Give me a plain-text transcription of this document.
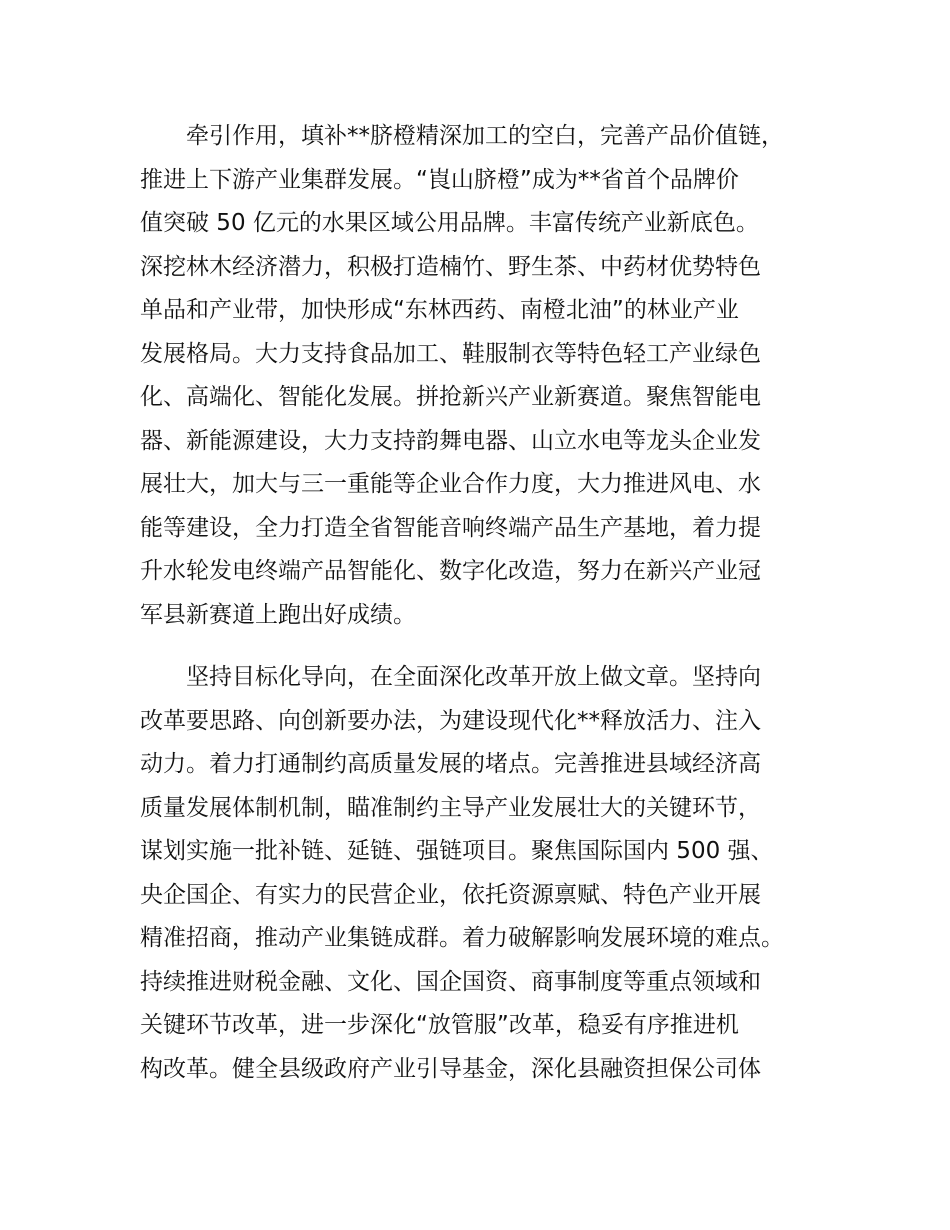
　　牵引作用，填补**脐橙精深加工的空白，完善产品价值链，
推进上下游产业集群发展。“崀山脐橙”成为**省首个品牌价
值突破 50 亿元的水果区域公用品牌。丰富传统产业新底色。
深挖林木经济潜力，积极打造楠竹、野生茶、中药材优势特色
单品和产业带，加快形成“东林西药、南橙北油”的林业产业
发展格局。大力支持食品加工、鞋服制衣等特色轻工产业绿色
化、高端化、智能化发展。拼抢新兴产业新赛道。聚焦智能电
器、新能源建设，大力支持韵舞电器、山立水电等龙头企业发
展壮大，加大与三一重能等企业合作力度，大力推进风电、水
能等建设，全力打造全省智能音响终端产品生产基地，着力提
升水轮发电终端产品智能化、数字化改造，努力在新兴产业冠
军县新赛道上跑出好成绩。
　　坚持目标化导向，在全面深化改革开放上做文章。坚持向
改革要思路、向创新要办法，为建设现代化**释放活力、注入
动力。着力打通制约高质量发展的堵点。完善推进县域经济高
质量发展体制机制，瞄准制约主导产业发展壮大的关键环节，
谋划实施一批补链、延链、强链项目。聚焦国际国内 500 强、
央企国企、有实力的民营企业，依托资源禀赋、特色产业开展
精准招商，推动产业集链成群。着力破解影响发展环境的难点。
持续推进财税金融、文化、国企国资、商事制度等重点领域和
关键环节改革，进一步深化“放管服”改革，稳妥有序推进机
构改革。健全县级政府产业引导基金，深化县融资担保公司体
